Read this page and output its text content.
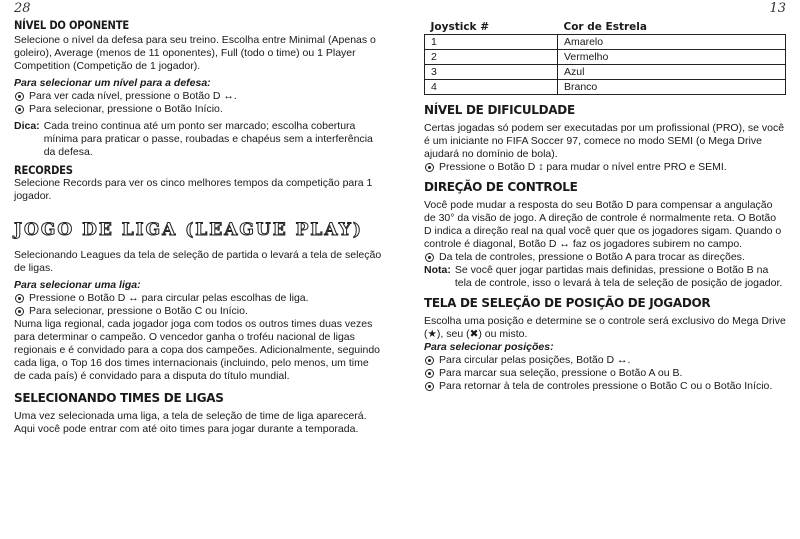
28	13
NÍVEL DO OPONENTE

Selecione o nível da defesa para seu treino. Escolha entre Minimal (Apenas o goleiro), Average (menos de 11 oponentes), Full (todo o time) ou 1 Player Competition (Competição de 1 jogador).

Para selecionar um nível para a defesa:
Para ver cada nível, pressione o Botão D ↔.
Para selecionar, pressione o Botão Início.
Dica: Cada treino continua até um ponto ser marcado; escolha cobertura mínima para praticar o passe, roubadas e chapéus sem a interferência da defesa.
RECORDES

Selecione Records para ver os cinco melhores tempos da competição para 1 jogador.

JOGO DE LIGA (LEAGUE PLAY)

Selecionando Leagues da tela de seleção de partida o levará a tela de seleção de ligas.

Para selecionar uma liga:
Pressione o Botão D ↔ para circular pelas escolhas de liga.
Para selecionar, pressione o Botão C ou Início.

Numa liga regional, cada jogador joga com todos os outros times duas vezes para determinar o campeão. O vencedor ganha o troféu nacional de ligas regionais e é convidado para a copa dos campeões. Adicionalmente, seguindo cada liga, o Top 16 dos times internacionais (incluindo, pelo menos, um time de cada país) é convidado para a disputa do título mundial.

SELECIONANDO TIMES DE LIGAS

Uma vez selecionada uma liga, a tela de seleção de time de liga aparecerá. Aqui você pode entrar com até oito times para jogar durante a temporada.

Joystick #	Cor de Estrela
1	Amarelo
2	Vermelho
3	Azul
4	Branco
NÍVEL DE DIFICULDADE

Certas jogadas só podem ser executadas por um profissional (PRO), se você é um iniciante no FIFA Soccer 97, comece no modo SEMI (o Mega Drive ajudará no domínio de bola).

Pressione o Botão D ↕ para mudar o nível entre PRO e SEMI.
DIREÇÃO DE CONTROLE

Você pode mudar a resposta do seu Botão D para compensar a angulação de 30° da visão de jogo. A direção de controle é normalmente reta. O Botão D indica a direção real na qual você quer que os jogadores sigam. Quando o controle é diagonal, Botão D ↔ faz os jogadores subirem no campo.

Da tela de controles, pressione o Botão A para trocar as direções.
Nota: Se você quer jogar partidas mais definidas, pressione o Botão B na tela de controle, isso o levará à tela de seleção de posição de jogador.
TELA DE SELEÇÃO DE POSIÇÃO DE JOGADOR

Escolha uma posição e determine se o controle será exclusivo do Mega Drive (★), seu (✖) ou misto.

Para selecionar posições:
Para circular pelas posições, Botão D ↔.
Para marcar sua seleção, pressione o Botão A ou B.
Para retornar à tela de controles pressione o Botão C ou o Botão Início.
